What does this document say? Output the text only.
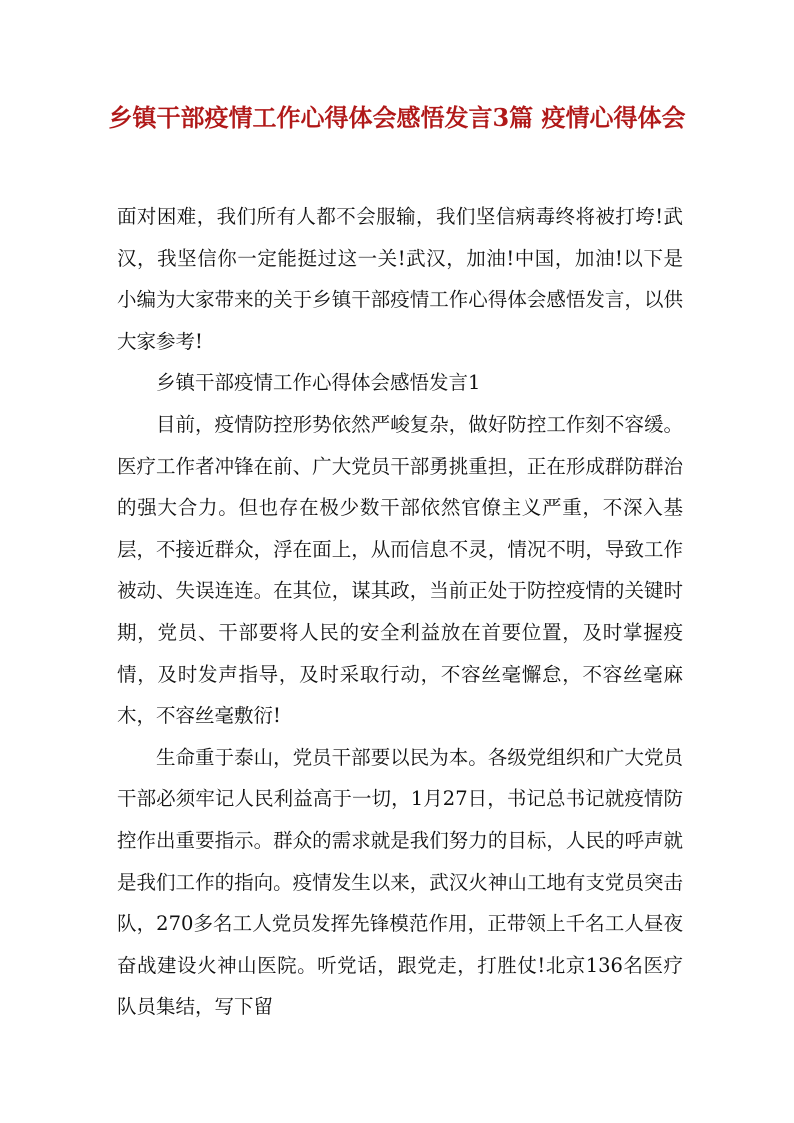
乡镇干部疫情工作心得体会感悟发言3篇 疫情心得体会

面对困难，我们所有人都不会服输，我们坚信病毒终将被打垮!武汉，我坚信你一定能挺过这一关!武汉，加油!中国，加油!以下是小编为大家带来的关于乡镇干部疫情工作心得体会感悟发言，以供大家参考!

乡镇干部疫情工作心得体会感悟发言1

目前，疫情防控形势依然严峻复杂，做好防控工作刻不容缓。医疗工作者冲锋在前、广大党员干部勇挑重担，正在形成群防群治的强大合力。但也存在极少数干部依然官僚主义严重，不深入基层，不接近群众，浮在面上，从而信息不灵，情况不明，导致工作被动、失误连连。在其位，谋其政，当前正处于防控疫情的关键时期，党员、干部要将人民的安全利益放在首要位置，及时掌握疫情，及时发声指导，及时采取行动，不容丝毫懈怠，不容丝毫麻木，不容丝毫敷衍!

生命重于泰山，党员干部要以民为本。各级党组织和广大党员干部必须牢记人民利益高于一切，1月27日，书记总书记就疫情防控作出重要指示。群众的需求就是我们努力的目标，人民的呼声就是我们工作的指向。疫情发生以来，武汉火神山工地有支党员突击队，270多名工人党员发挥先锋模范作用，正带领上千名工人昼夜奋战建设火神山医院。听党话，跟党走，打胜仗!北京136名医疗队员集结，写下留
